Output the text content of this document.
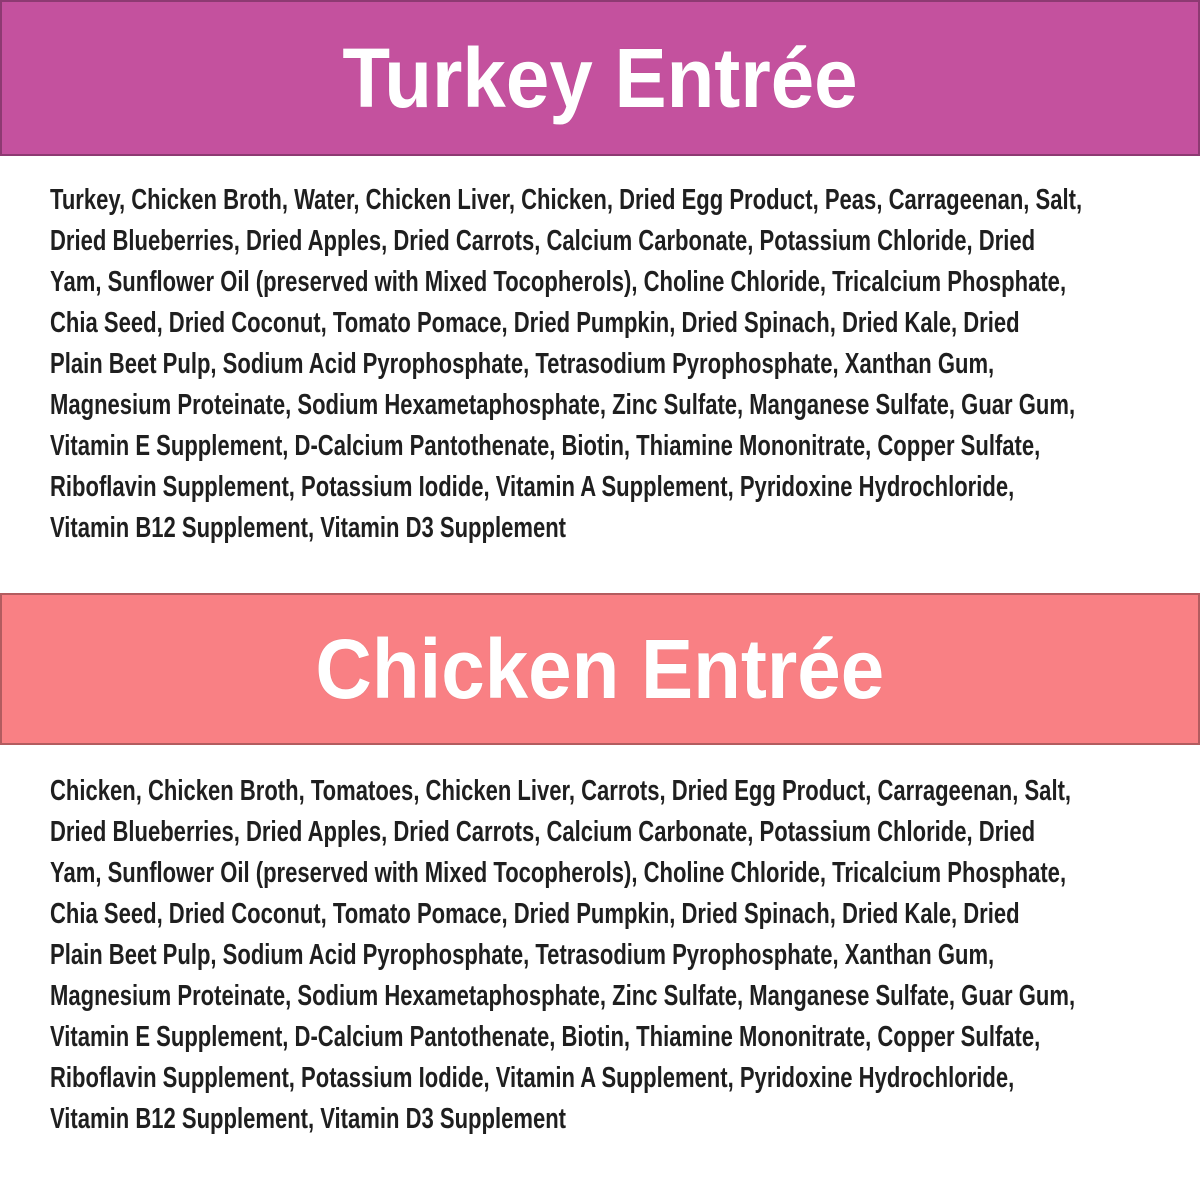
Turkey Entrée
Turkey, Chicken Broth, Water, Chicken Liver, Chicken, Dried Egg Product, Peas, Carrageenan, Salt,
Dried Blueberries, Dried Apples, Dried Carrots, Calcium Carbonate, Potassium Chloride, Dried
Yam, Sunflower Oil (preserved with Mixed Tocopherols), Choline Chloride, Tricalcium Phosphate,
Chia Seed, Dried Coconut, Tomato Pomace, Dried Pumpkin, Dried Spinach, Dried Kale, Dried
Plain Beet Pulp, Sodium Acid Pyrophosphate, Tetrasodium Pyrophosphate, Xanthan Gum,
Magnesium Proteinate, Sodium Hexametaphosphate, Zinc Sulfate, Manganese Sulfate, Guar Gum,
Vitamin E Supplement, D-Calcium Pantothenate, Biotin, Thiamine Mononitrate, Copper Sulfate,
Riboflavin Supplement, Potassium Iodide, Vitamin A Supplement, Pyridoxine Hydrochloride,
Vitamin B12 Supplement, Vitamin D3 Supplement
Chicken Entrée
Chicken, Chicken Broth, Tomatoes, Chicken Liver, Carrots, Dried Egg Product, Carrageenan, Salt,
Dried Blueberries, Dried Apples, Dried Carrots, Calcium Carbonate, Potassium Chloride, Dried
Yam, Sunflower Oil (preserved with Mixed Tocopherols), Choline Chloride, Tricalcium Phosphate,
Chia Seed, Dried Coconut, Tomato Pomace, Dried Pumpkin, Dried Spinach, Dried Kale, Dried
Plain Beet Pulp, Sodium Acid Pyrophosphate, Tetrasodium Pyrophosphate, Xanthan Gum,
Magnesium Proteinate, Sodium Hexametaphosphate, Zinc Sulfate, Manganese Sulfate, Guar Gum,
Vitamin E Supplement, D-Calcium Pantothenate, Biotin, Thiamine Mononitrate, Copper Sulfate,
Riboflavin Supplement, Potassium Iodide, Vitamin A Supplement, Pyridoxine Hydrochloride,
Vitamin B12 Supplement, Vitamin D3 Supplement
